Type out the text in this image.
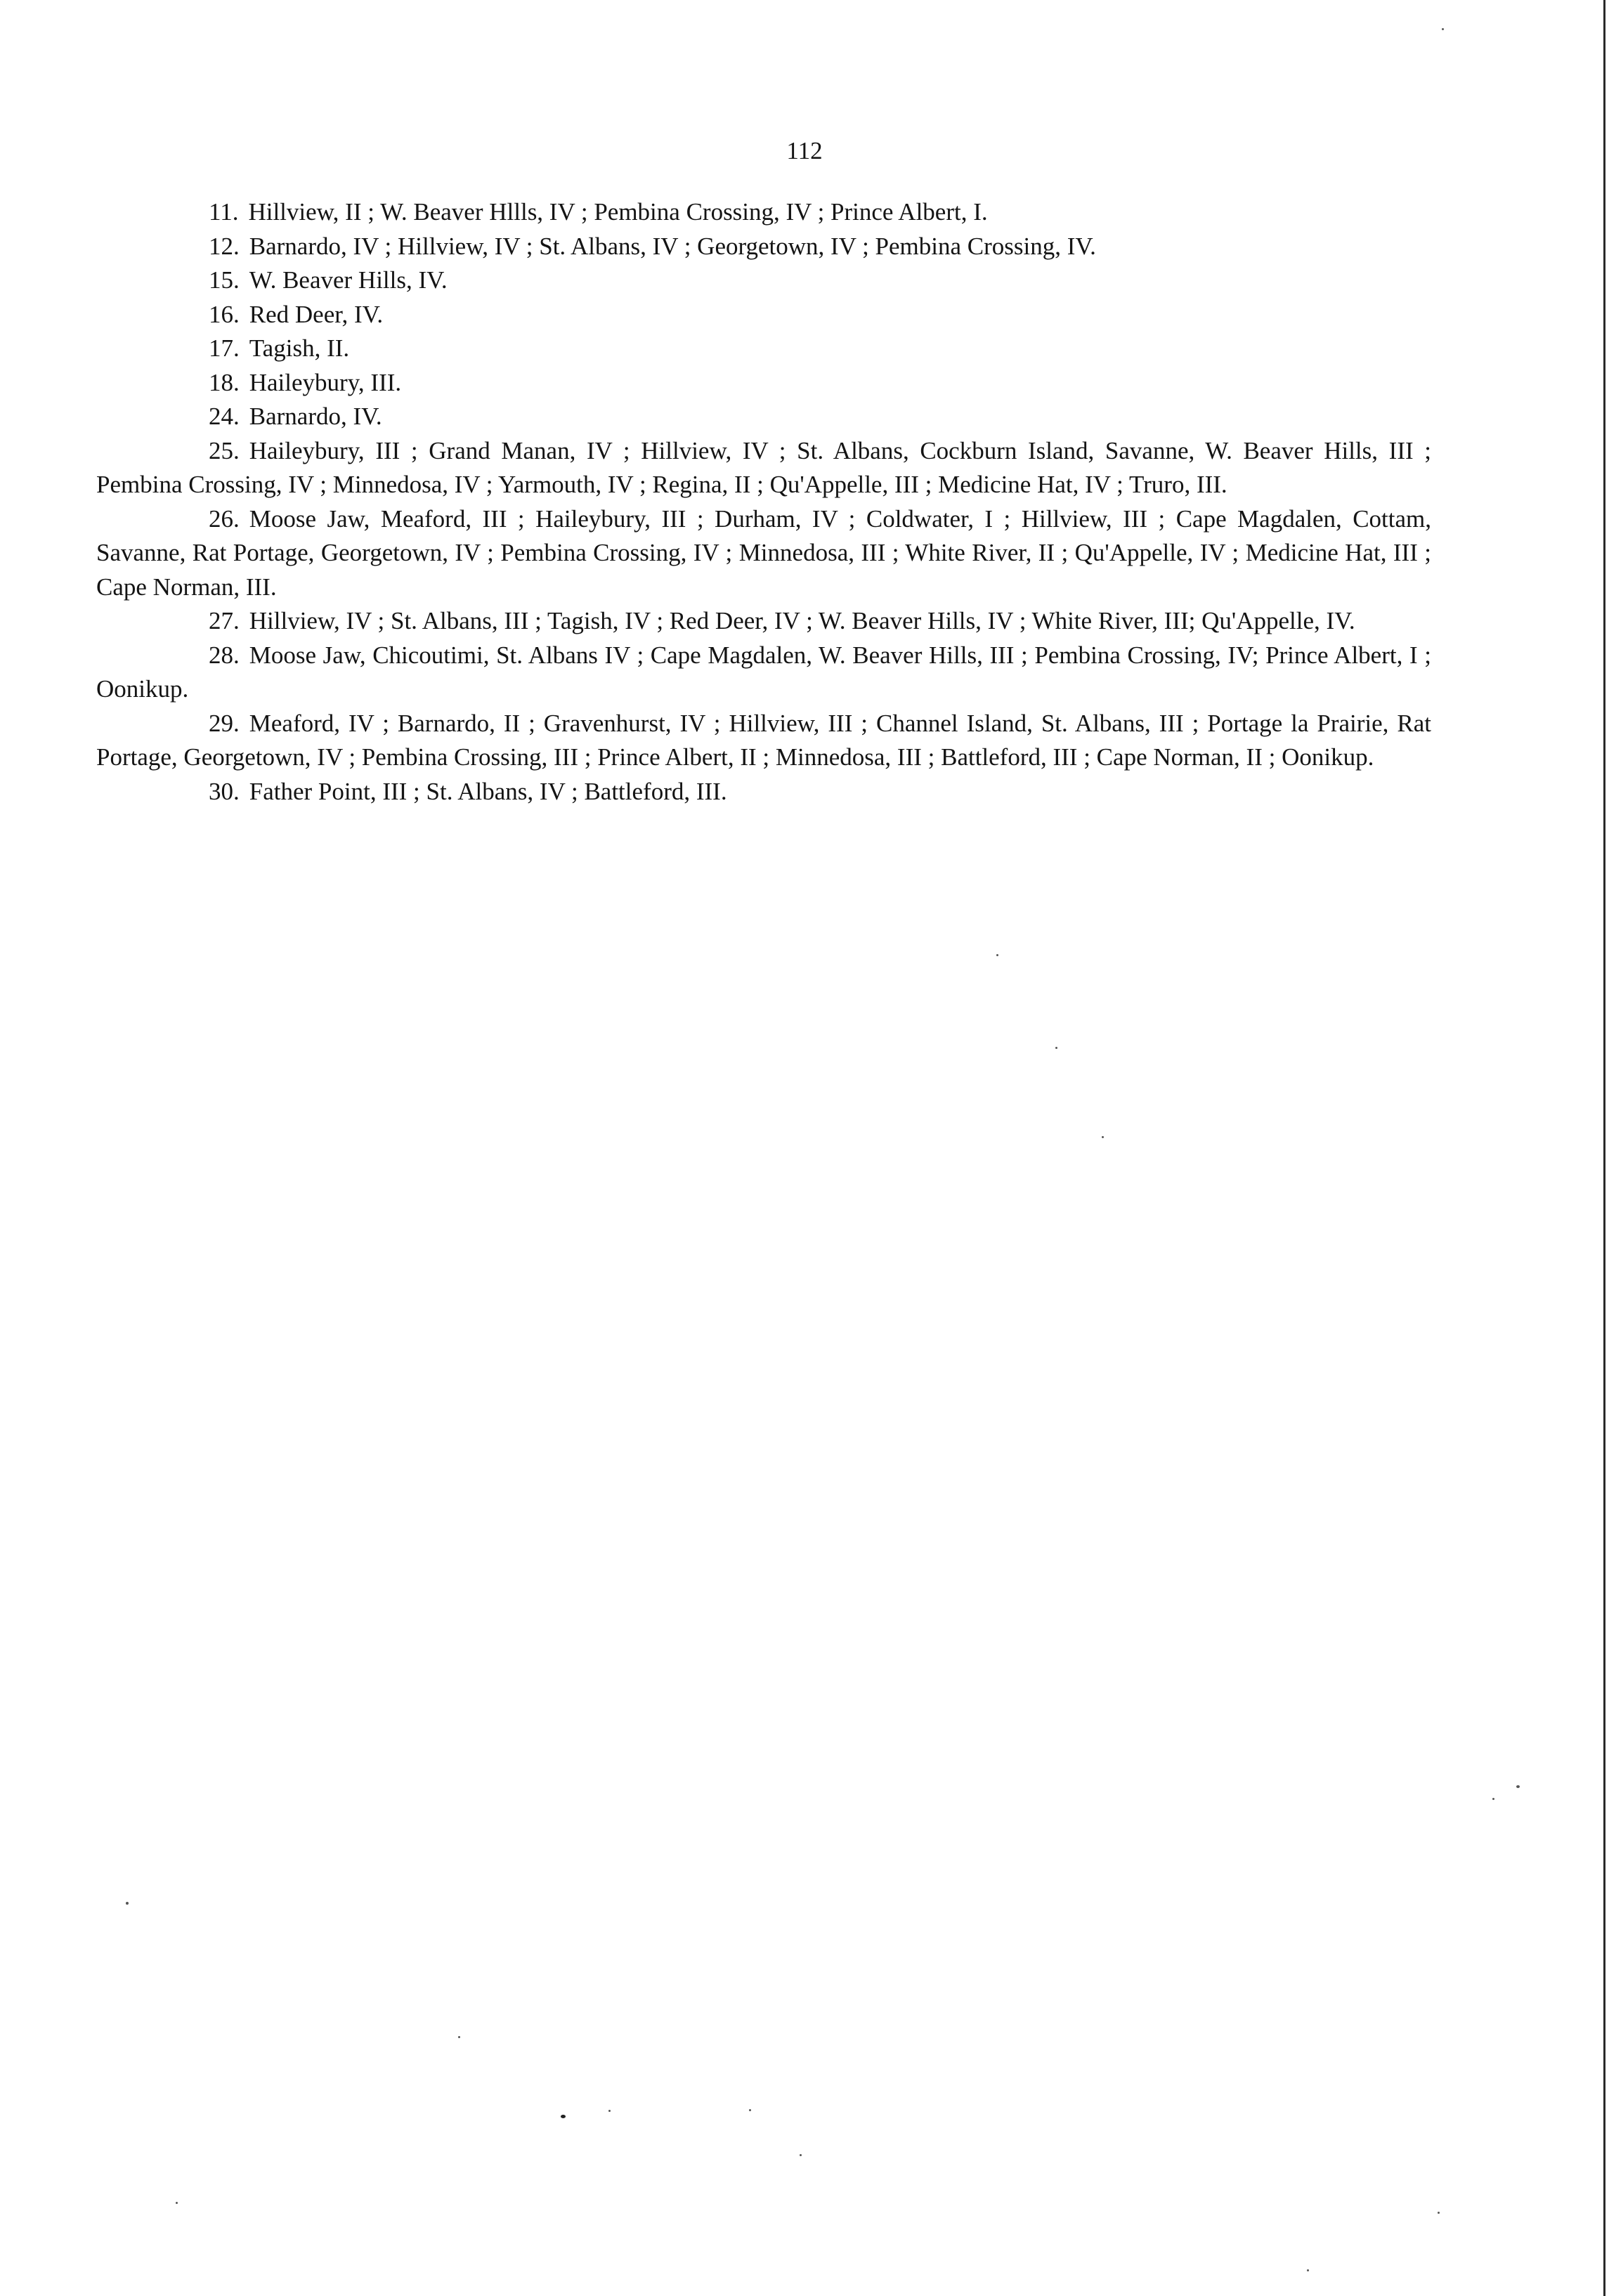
112

11. Hillview, II ; W. Beaver Hllls, IV ; Pembina Crossing, IV ; Prince Albert, I.

12. Barnardo, IV ; Hillview, IV ; St. Albans, IV ; Georgetown, IV ; Pembina Crossing, IV.

15. W. Beaver Hills, IV.

16. Red Deer, IV.

17. Tagish, II.

18. Haileybury, III.

24. Barnardo, IV.

25. Haileybury, III ; Grand Manan, IV ; Hillview, IV ; St. Albans, Cockburn Island, Savanne, W. Beaver Hills, III ; Pembina Crossing, IV ; Minnedosa, IV ; Yarmouth, IV ; Regina, II ; Qu'Appelle, III ; Medicine Hat, IV ; Truro, III.

26. Moose Jaw, Meaford, III ; Haileybury, III ; Durham, IV ; Coldwater, I ; Hillview, III ; Cape Magdalen, Cottam, Savanne, Rat Portage, Georgetown, IV ; Pembina Crossing, IV ; Minnedosa, III ; White River, II ; Qu'Appelle, IV ; Medicine Hat, III ; Cape Norman, III.

27. Hillview, IV ; St. Albans, III ; Tagish, IV ; Red Deer, IV ; W. Beaver Hills, IV ; White River, III; Qu'Appelle, IV.

28. Moose Jaw, Chicoutimi, St. Albans IV ; Cape Magdalen, W. Beaver Hills, III ; Pembina Crossing, IV; Prince Albert, I ; Oonikup.

29. Meaford, IV ; Barnardo, II ; Gravenhurst, IV ; Hillview, III ; Channel Island, St. Albans, III ; Portage la Prairie, Rat Portage, Georgetown, IV ; Pembina Crossing, III ; Prince Albert, II ; Minnedosa, III ; Battleford, III ; Cape Norman, II ; Oonikup.

30. Father Point, III ; St. Albans, IV ; Battleford, III.
